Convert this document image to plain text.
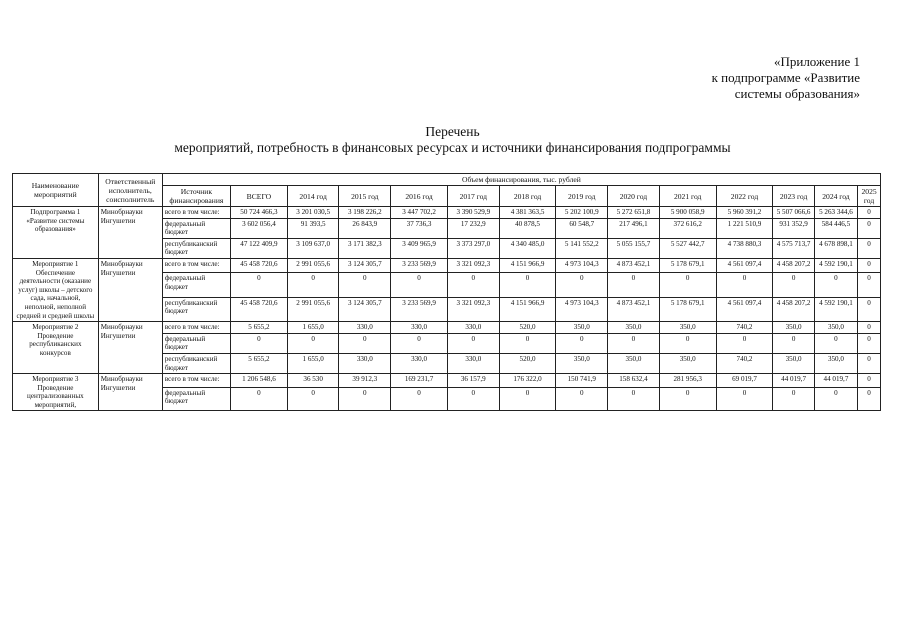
«Приложение 1
к подпрограмме «Развитие
системы образования»
Перечень
мероприятий, потребность в финансовых ресурсах и источники финансирования подпрограммы
Наименование мероприятий	Ответственный исполнитель, соисполнитель	Объем финансирования, тыс. рублей													
		Источник финансирования	ВСЕГО	2014 год	2015 год	2016 год	2017 год	2018 год	2019 год	2020 год	2021 год	2022 год	2023 год	2024 год	2025 год
Подпрограмма 1 «Развитие системы образования»	Минобрнауки Ингушетии	всего в том числе:	50 724 466,3	3 201 030,5	3 198 226,2	3 447 702,2	3 390 529,9	4 381 363,5	5 202 100,9	5 272 651,8	5 900 058,9	5 960 391,2	5 507 066,6	5 263 344,6	0
		федеральный бюджет	3 602 056,4	91 393,5	26 843,9	37 736,3	17 232,9	40 878,5	60 548,7	217 496,1	372 616,2	1 221 510,9	931 352,9	584 446,5	0
		республиканский бюджет	47 122 409,9	3 109 637,0	3 171 382,3	3 409 965,9	3 373 297,0	4 340 485,0	5 141 552,2	5 055 155,7	5 527 442,7	4 738 880,3	4 575 713,7	4 678 898,1	0
Мероприятие 1 Обеспечение деятельности (оказание услуг) школы – детского сада, начальной, неполной, неполной средней и средней школы	Минобрнауки Ингушетии	всего в том числе:	45 458 720,6	2 991 055,6	3 124 305,7	3 233 569,9	3 321 092,3	4 151 966,9	4 973 104,3	4 873 452,1	5 178 679,1	4 561 097,4	4 458 207,2	4 592 190,1	0
		федеральный бюджет	0	0	0	0	0	0	0	0	0	0	0	0	0
		республиканский бюджет	45 458 720,6	2 991 055,6	3 124 305,7	3 233 569,9	3 321 092,3	4 151 966,9	4 973 104,3	4 873 452,1	5 178 679,1	4 561 097,4	4 458 207,2	4 592 190,1	0
Мероприятие 2 Проведение республиканских конкурсов	Минобрнауки Ингушетии	всего в том числе:	5 655,2	1 655,0	330,0	330,0	330,0	520,0	350,0	350,0	350,0	740,2	350,0	350,0	0
		федеральный бюджет	0	0	0	0	0	0	0	0	0	0	0	0	0
		республиканский бюджет	5 655,2	1 655,0	330,0	330,0	330,0	520,0	350,0	350,0	350,0	740,2	350,0	350,0	0
Мероприятие 3 Проведение централизованных мероприятий,	Минобрнауки Ингушетии	всего в том числе:	1 206 548,6	36 530	39 912,3	169 231,7	36 157,9	176 322,0	150 741,9	158 632,4	281 956,3	69 019,7	44 019,7	44 019,7	0
		федеральный бюджет	0	0	0	0	0	0	0	0	0	0	0	0	0
